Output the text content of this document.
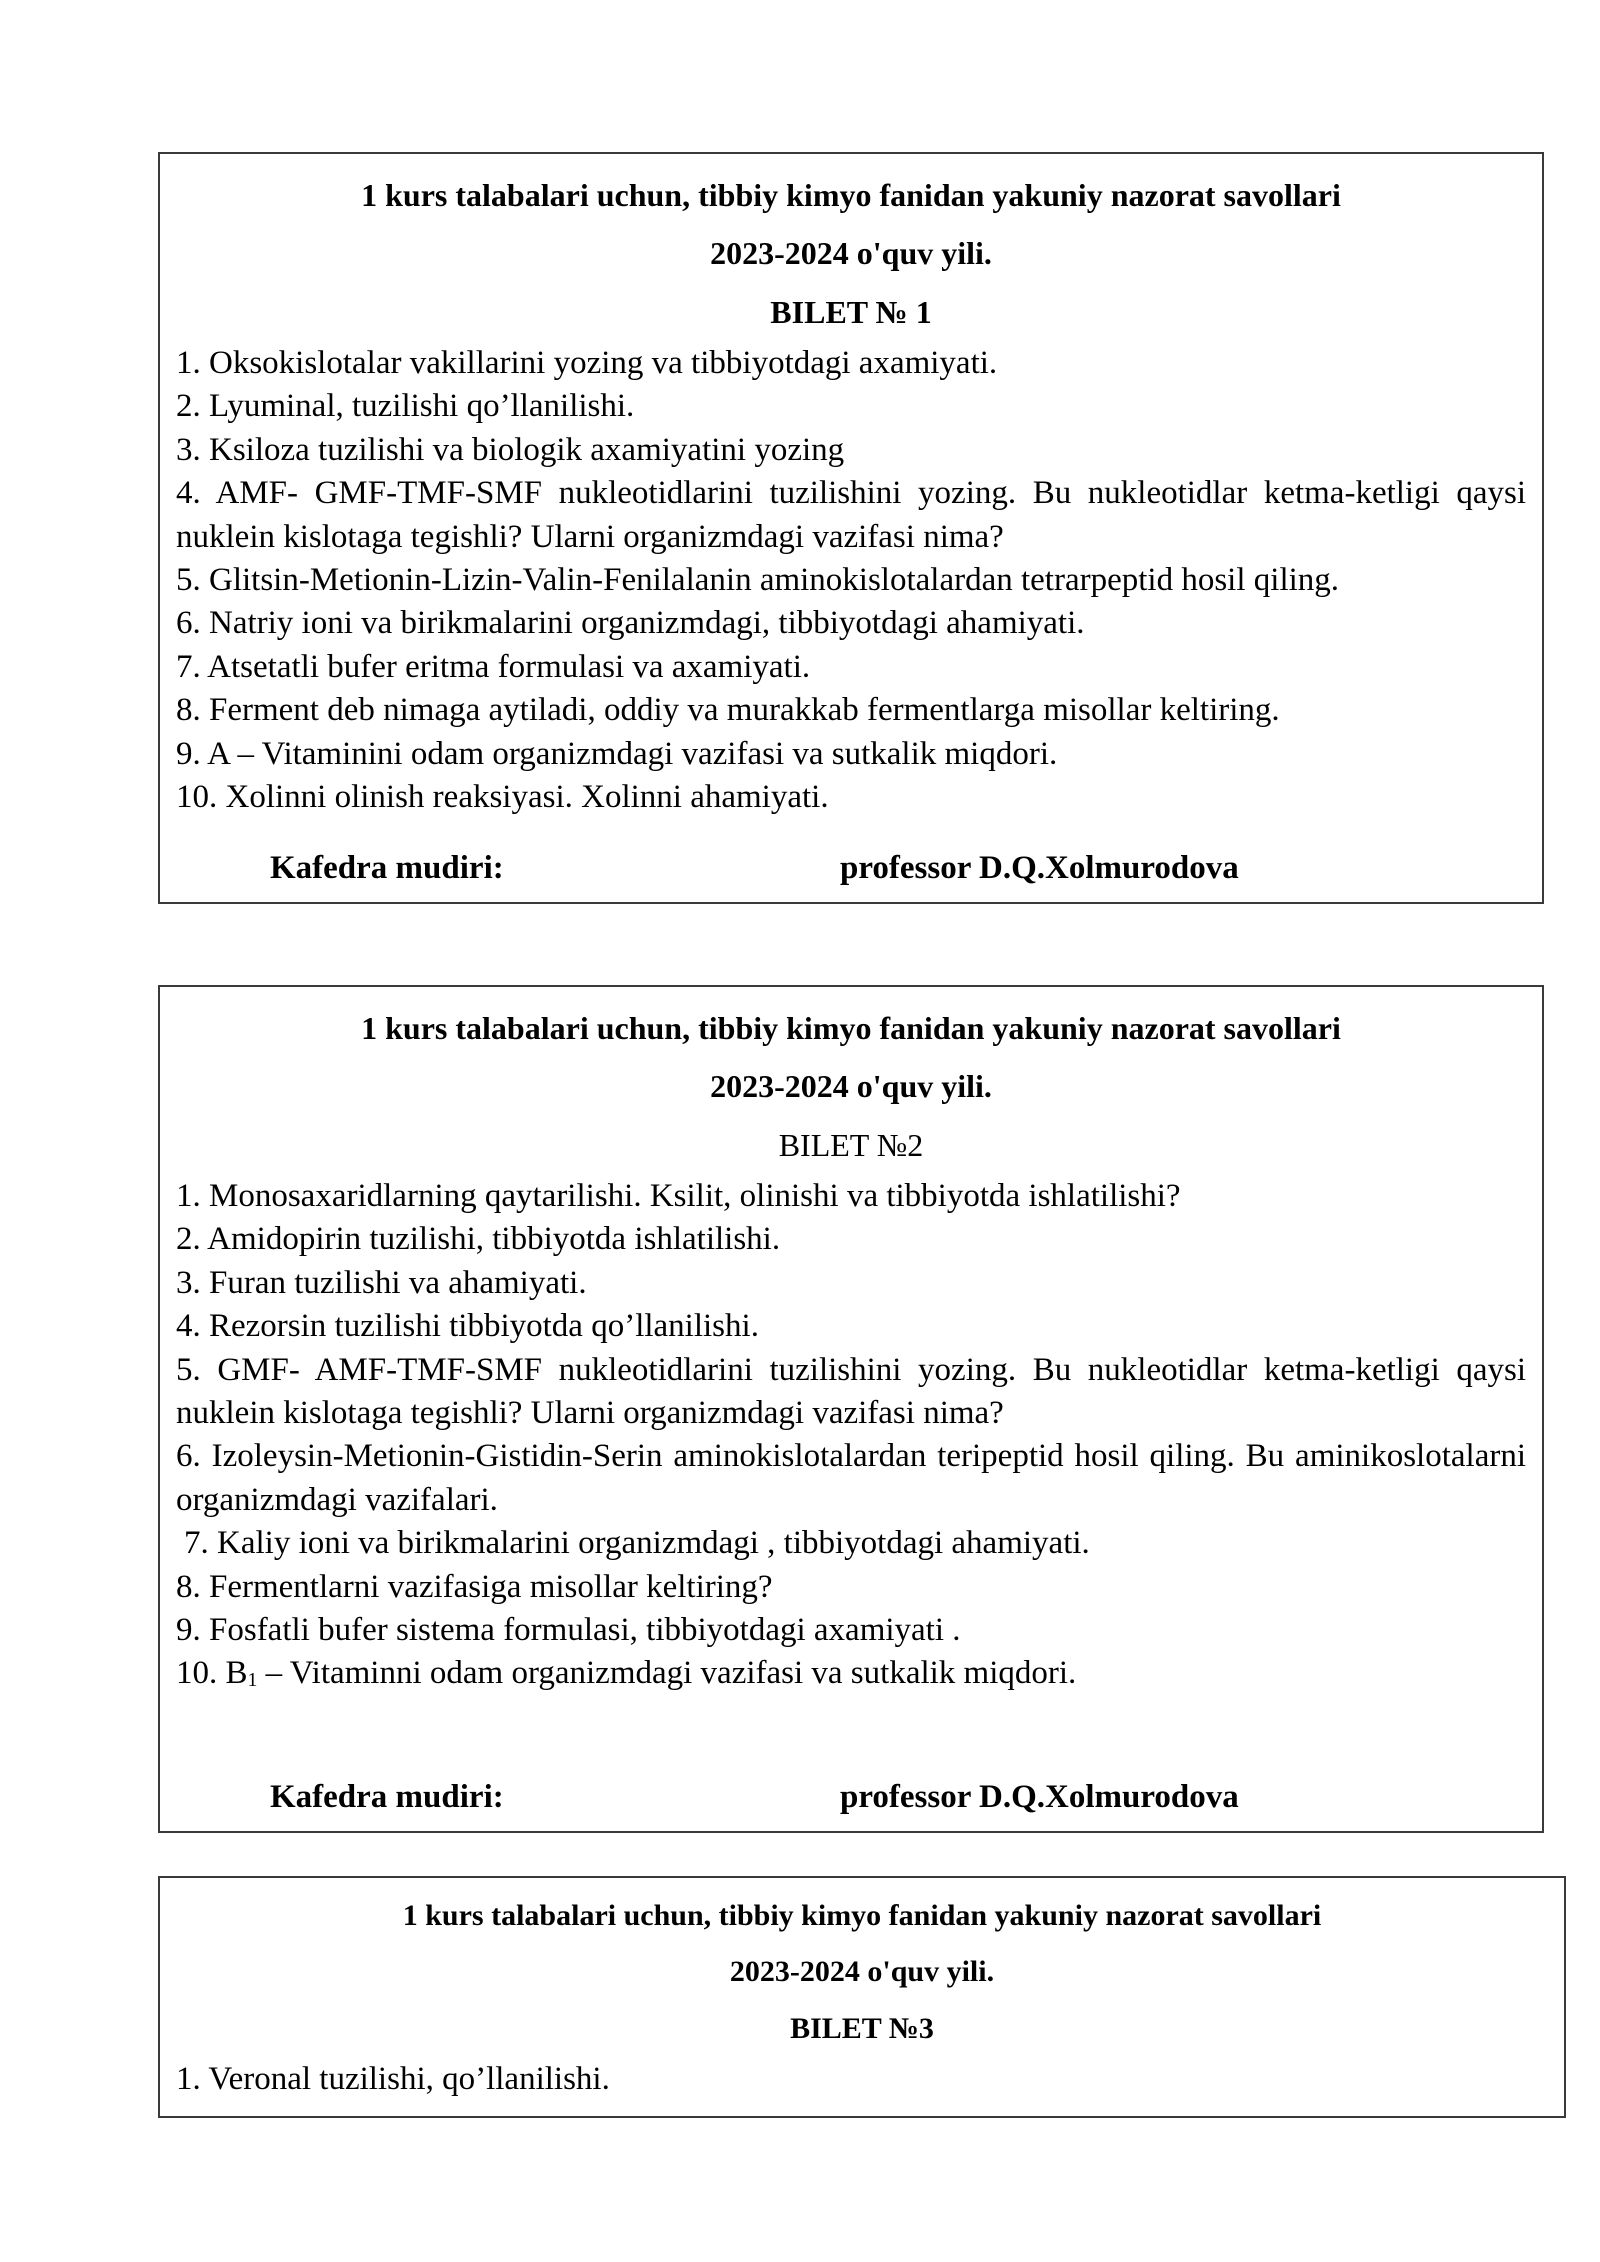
1 kurs talabalari uchun, tibbiy kimyo fanidan yakuniy nazorat savollari
2023-2024 o'quv yili.
BILET № 1
1. Oksokislotalar vakillarini yozing va tibbiyotdagi axamiyati.
2. Lyuminal, tuzilishi qo’llanilishi.
3. Ksiloza tuzilishi va biologik axamiyatini yozing
4. AMF- GMF-TMF-SMF nukleotidlarini tuzilishini yozing. Bu nukleotidlar ketma-ketligi qaysi nuklein kislotaga tegishli? Ularni organizmdagi vazifasi nima?
5. Glitsin-Metionin-Lizin-Valin-Fenilalanin aminokislotalardan tetrarpeptid hosil qiling.
6. Natriy ioni va birikmalarini organizmdagi, tibbiyotdagi ahamiyati.
7. Atsetatli bufer eritma formulasi va axamiyati.
8. Ferment deb nimaga aytiladi, oddiy va murakkab fermentlarga misollar keltiring.
9. A – Vitaminini odam organizmdagi vazifasi va sutkalik miqdori.
10. Xolinni olinish reaksiyasi. Xolinni ahamiyati.
Kafedra mudiri:	professor D.Q.Xolmurodova
1 kurs talabalari uchun, tibbiy kimyo fanidan yakuniy nazorat savollari
2023-2024 o'quv yili.
BILET №2
1. Monosaxaridlarning qaytarilishi. Ksilit, olinishi va tibbiyotda ishlatilishi?
2. Amidopirin tuzilishi, tibbiyotda ishlatilishi.
3. Furan tuzilishi va ahamiyati.
4. Rezorsin tuzilishi tibbiyotda qo’llanilishi.
5. GMF- AMF-TMF-SMF nukleotidlarini tuzilishini yozing. Bu nukleotidlar ketma-ketligi qaysi nuklein kislotaga tegishli? Ularni organizmdagi vazifasi nima?
6. Izoleysin-Metionin-Gistidin-Serin aminokislotalardan teripeptid hosil qiling. Bu aminikoslotalarni organizmdagi vazifalari.
7. Kaliy ioni va birikmalarini organizmdagi , tibbiyotdagi ahamiyati.
8. Fermentlarni vazifasiga misollar keltiring?
9. Fosfatli bufer sistema formulasi, tibbiyotdagi axamiyati .
10. $B_1$ – Vitaminni odam organizmdagi vazifasi va sutkalik miqdori.
Kafedra mudiri:	professor D.Q.Xolmurodova
1 kurs talabalari uchun, tibbiy kimyo fanidan yakuniy nazorat savollari
2023-2024 o'quv yili.
BILET №3
1. Veronal tuzilishi, qo’llanilishi.
